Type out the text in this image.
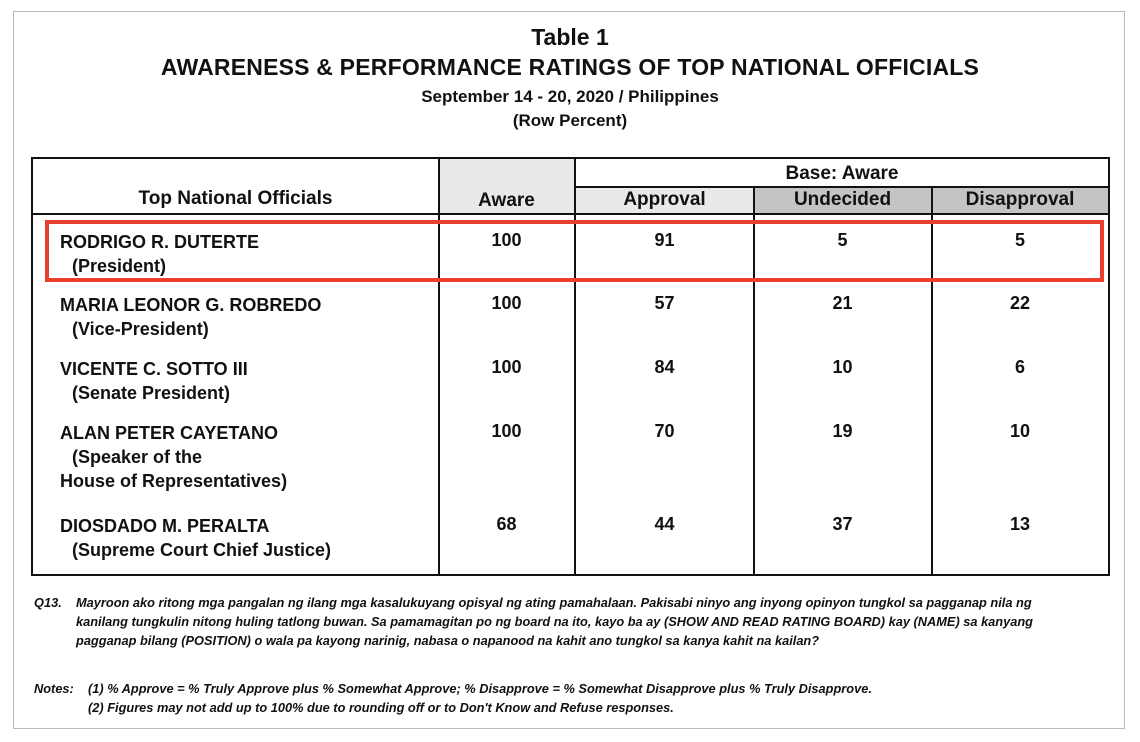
Table 1
AWARENESS & PERFORMANCE RATINGS OF TOP NATIONAL OFFICIALS
September 14 - 20, 2020 / Philippines
(Row Percent)
Top National Officials	Aware
Base: Aware
Approval	Undecided	Disapproval
RODRIGO R. DUTERTE
(President)
100	91	5	5
MARIA LEONOR G. ROBREDO
(Vice-President)
100	57	21	22
VICENTE C. SOTTO III
(Senate President)
100	84	10	6
ALAN PETER CAYETANO
(Speaker of the
House of Representatives)
100	70	19	10
DIOSDADO M. PERALTA
(Supreme Court Chief Justice)
68	44	37	13
Q13. Mayroon ako ritong mga pangalan ng ilang mga kasalukuyang opisyal ng ating pamahalaan. Pakisabi ninyo ang inyong opinyon tungkol sa pagganap nila ng kanilang tungkulin nitong huling tatlong buwan. Sa pamamagitan po ng board na ito, kayo ba ay (SHOW AND READ RATING BOARD) kay (NAME) sa kanyang pagganap bilang (POSITION) o wala pa kayong narinig, nabasa o napanood na kahit ano tungkol sa kanya kahit na kailan?
Notes: (1) % Approve = % Truly Approve plus % Somewhat Approve; % Disapprove = % Somewhat Disapprove plus % Truly Disapprove.
(2) Figures may not add up to 100% due to rounding off or to Don't Know and Refuse responses.
